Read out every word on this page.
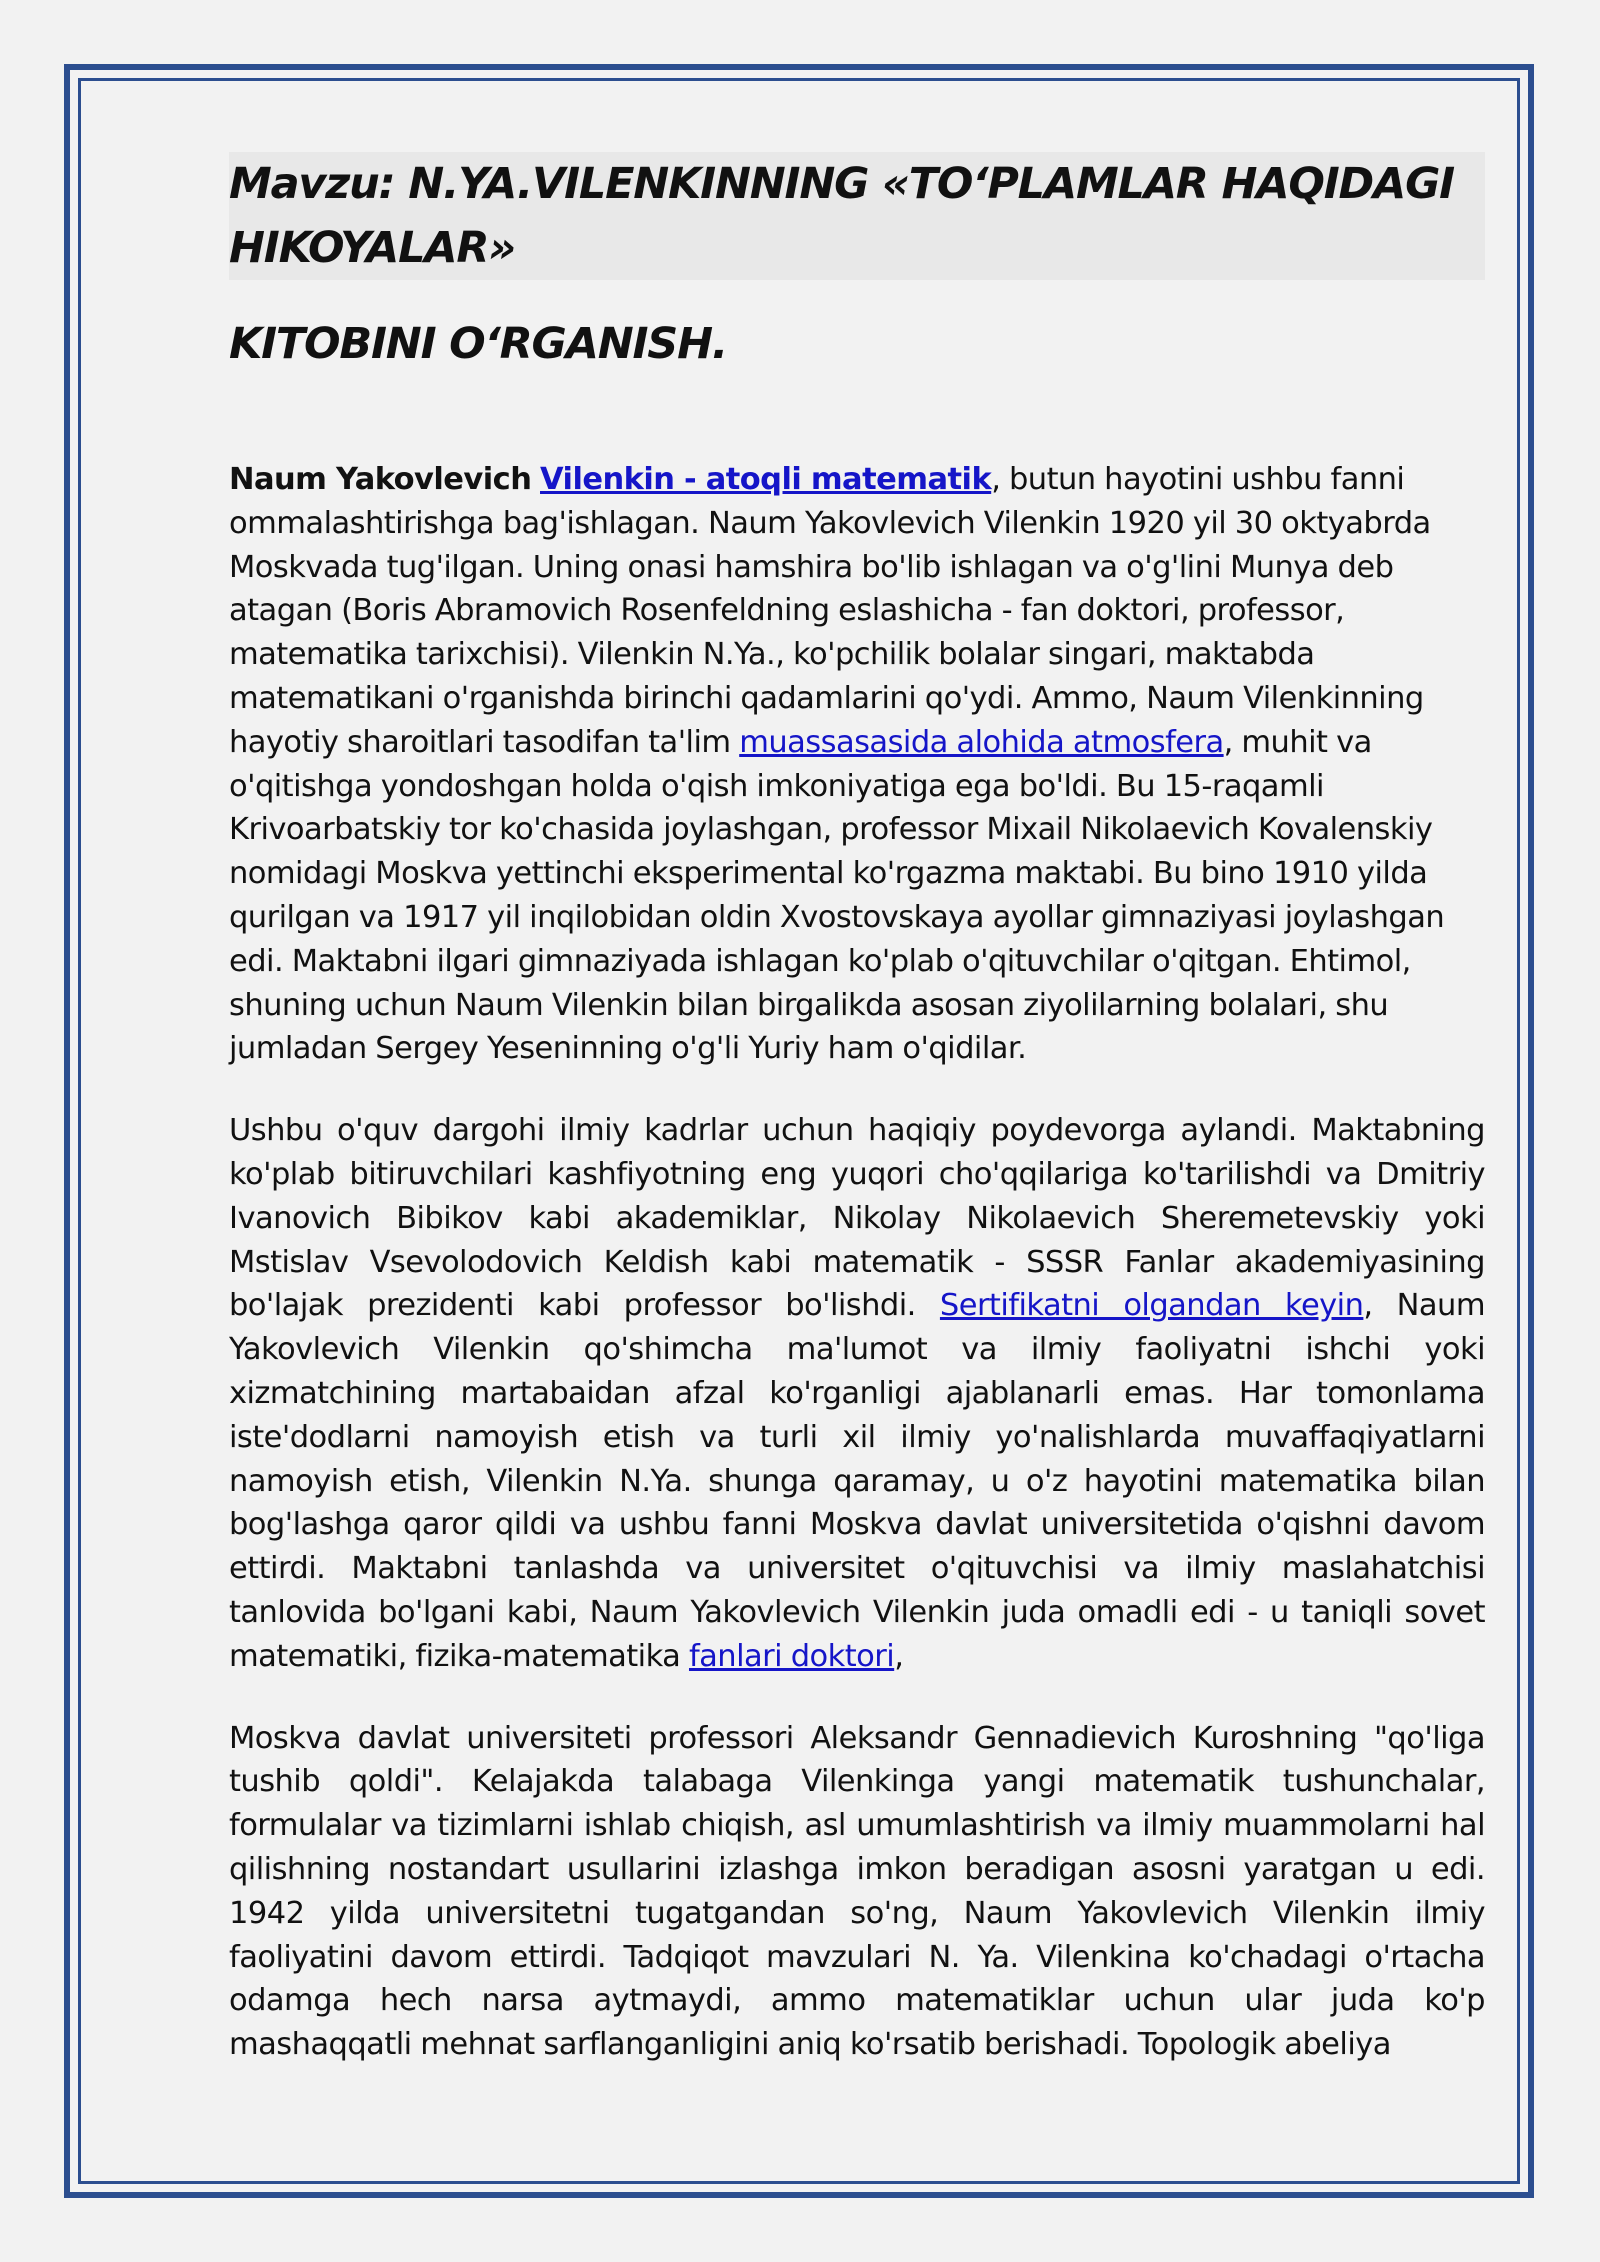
Mavzu: N.YA.VILENKINNING «TO‘PLAMLAR HAQIDAGI HIKOYALAR»
KITOBINI O‘RGANISH.

Naum Yakovlevich Vilenkin - atoqli matematik, butun hayotini ushbu fanni ommalashtirishga bag'ishlagan. Naum Yakovlevich Vilenkin 1920 yil 30 oktyabrda Moskvada tug'ilgan. Uning onasi hamshira bo'lib ishlagan va o'g'lini Munya deb atagan (Boris Abramovich Rosenfeldning eslashicha - fan doktori, professor, matematika tarixchisi). Vilenkin N.Ya., ko'pchilik bolalar singari, maktabda matematikani o'rganishda birinchi qadamlarini qo'ydi. Ammo, Naum Vilenkinning hayotiy sharoitlari tasodifan ta'lim muassasasida alohida atmosfera, muhit va o'qitishga yondoshgan holda o'qish imkoniyatiga ega bo'ldi. Bu 15-raqamli Krivoarbatskiy tor ko'chasida joylashgan, professor Mixail Nikolaevich Kovalenskiy nomidagi Moskva yettinchi eksperimental ko'rgazma maktabi. Bu bino 1910 yilda qurilgan va 1917 yil inqilobidan oldin Xvostovskaya ayollar gimnaziyasi joylashgan edi. Maktabni ilgari gimnaziyada ishlagan ko'plab o'qituvchilar o'qitgan. Ehtimol, shuning uchun Naum Vilenkin bilan birgalikda asosan ziyolilarning bolalari, shu jumladan Sergey Yeseninning o'g'li Yuriy ham o'qidilar.

Ushbu o'quv dargohi ilmiy kadrlar uchun haqiqiy poydevorga aylandi. Maktabning ko'plab bitiruvchilari kashfiyotning eng yuqori cho'qqilariga ko'tarilishdi va Dmitriy Ivanovich Bibikov kabi akademiklar, Nikolay Nikolaevich Sheremetevskiy yoki Mstislav Vsevolodovich Keldish kabi matematik - SSSR Fanlar akademiyasining bo'lajak prezidenti kabi professor bo'lishdi. Sertifikatni olgandan keyin, Naum Yakovlevich Vilenkin qo'shimcha ma'lumot va ilmiy faoliyatni ishchi yoki xizmatchining martabaidan afzal ko'rganligi ajablanarli emas. Har tomonlama iste'dodlarni namoyish etish va turli xil ilmiy yo'nalishlarda muvaffaqiyatlarni namoyish etish, Vilenkin N.Ya. shunga qaramay, u o'z hayotini matematika bilan bog'lashga qaror qildi va ushbu fanni Moskva davlat universitetida o'qishni davom ettirdi. Maktabni tanlashda va universitet o'qituvchisi va ilmiy maslahatchisi tanlovida bo'lgani kabi, Naum Yakovlevich Vilenkin juda omadli edi - u taniqli sovet matematiki, fizika-matematika fanlari doktori,

Moskva davlat universiteti professori Aleksandr Gennadievich Kuroshning "qo'liga tushib qoldi". Kelajakda talabaga Vilenkinga yangi matematik tushunchalar, formulalar va tizimlarni ishlab chiqish, asl umumlashtirish va ilmiy muammolarni hal qilishning nostandart usullarini izlashga imkon beradigan asosni yaratgan u edi. 1942 yilda universitetni tugatgandan so'ng, Naum Yakovlevich Vilenkin ilmiy faoliyatini davom ettirdi. Tadqiqot mavzulari N. Ya. Vilenkina ko'chadagi o'rtacha odamga hech narsa aytmaydi, ammo matematiklar uchun ular juda ko'p mashaqqatli mehnat sarflanganligini aniq ko'rsatib berishadi. Topologik abeliya
